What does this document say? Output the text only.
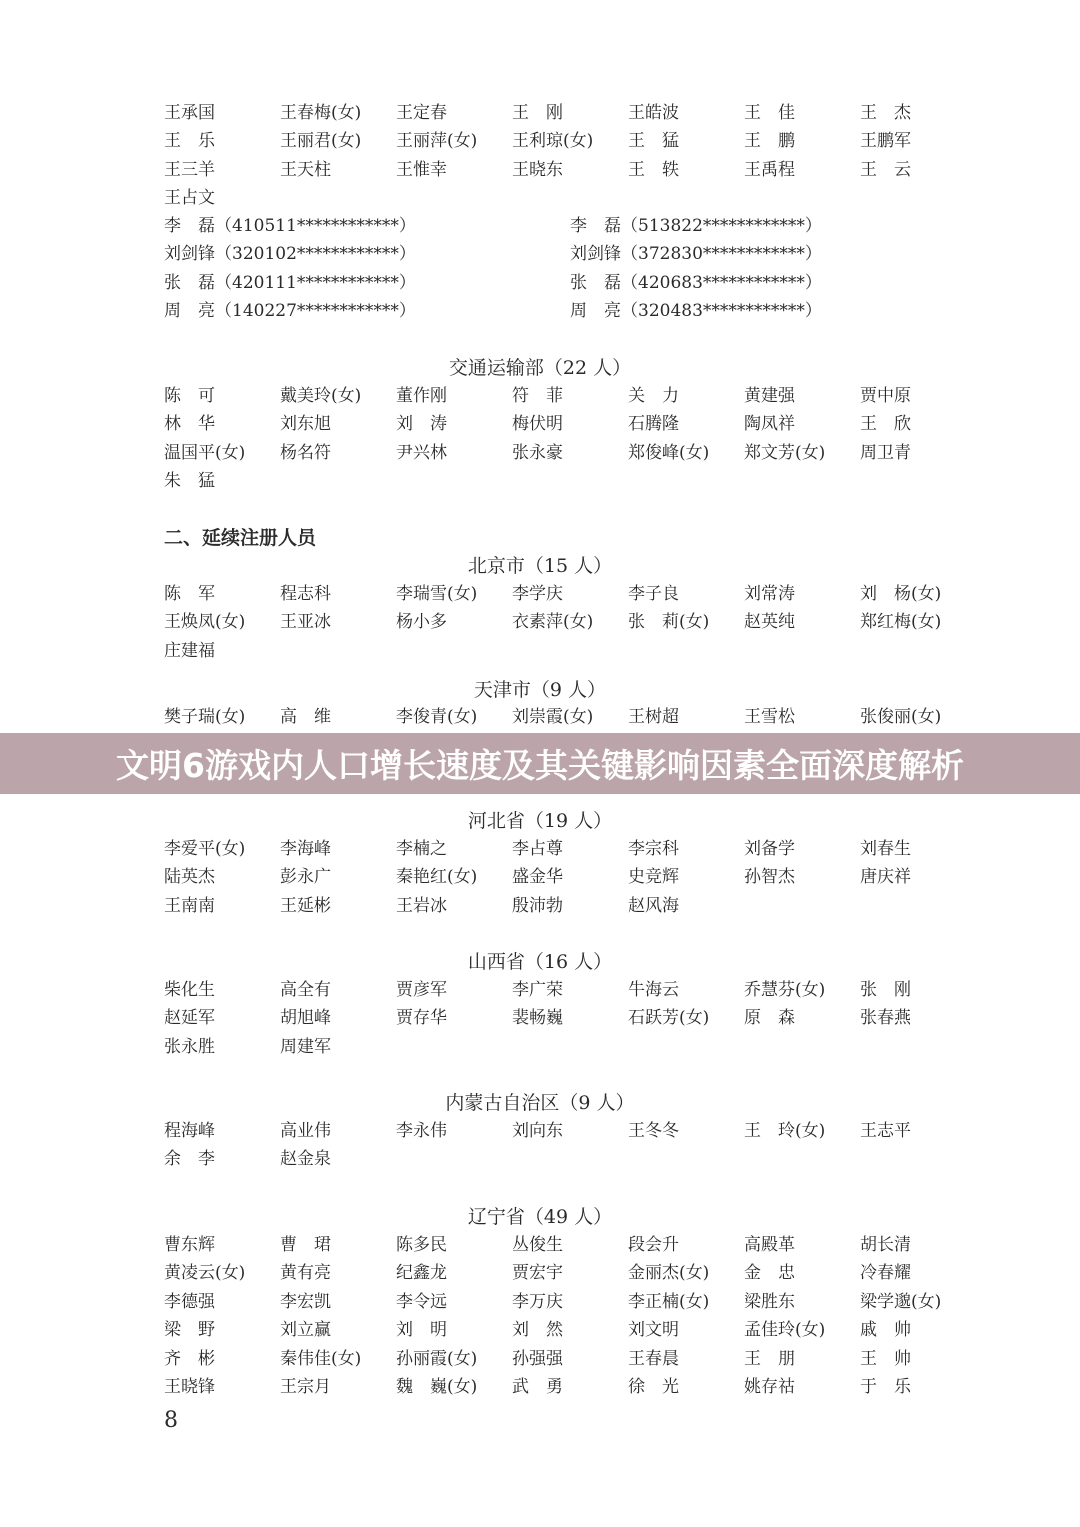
王承国	王春梅(女)	王定春	王　刚	王皓波	王　佳	王　杰
王　乐	王丽君(女)	王丽萍(女)	王利琼(女)	王　猛	王　鹏	王鹏军
王三羊	王天柱	王惟幸	王晓东	王　轶	王禹程	王　云
王占文
李　磊（410511************）	李　磊（513822************）
刘剑锋（320102************）	刘剑锋（372830************）
张　磊（420111************）	张　磊（420683************）
周　亮（140227************）	周　亮（320483************）
二、延续注册人员
8
交通运输部（22 人）
陈　可	戴美玲(女)	董作刚	符　菲	关　力	黄建强	贾中原
林　华	刘东旭	刘　涛	梅伏明	石腾隆	陶凤祥	王　欣
温国平(女)	杨名符	尹兴林	张永豪	郑俊峰(女)	郑文芳(女)	周卫青
朱　猛
北京市（15 人）
陈　军	程志科	李瑞雪(女)	李学庆	李子良	刘常涛	刘　杨(女)
王焕凤(女)	王亚冰	杨小多	衣素萍(女)	张　莉(女)	赵英纯	郑红梅(女)
庄建福
天津市（9 人）
樊子瑞(女)	高　维	李俊青(女)	刘崇霞(女)	王树超	王雪松	张俊丽(女)
河北省（19 人）
李爱平(女)	李海峰	李楠之	李占尊	李宗科	刘备学	刘春生
陆英杰	彭永广	秦艳红(女)	盛金华	史竞辉	孙智杰	唐庆祥
王南南	王延彬	王岩冰	殷沛勃	赵风海
山西省（16 人）
柴化生	高全有	贾彦军	李广荣	牛海云	乔慧芬(女)	张　刚
赵延军	胡旭峰	贾存华	裴畅巍	石跃芳(女)	原　森	张春燕
张永胜	周建军
内蒙古自治区（9 人）
程海峰	高业伟	李永伟	刘向东	王冬冬	王　玲(女)	王志平
余　李	赵金泉
辽宁省（49 人）
曹东辉	曹　珺	陈多民	丛俊生	段会升	高殿革	胡长清
黄凌云(女)	黄有亮	纪鑫龙	贾宏宇	金丽杰(女)	金　忠	冷春耀
李德强	李宏凯	李令远	李万庆	李正楠(女)	梁胜东	梁学邈(女)
梁　野	刘立赢	刘　明	刘　然	刘文明	孟佳玲(女)	戚　帅
齐　彬	秦伟佳(女)	孙丽霞(女)	孙强强	王春晨	王　朋	王　帅
王晓锋	王宗月	魏　巍(女)	武　勇	徐　光	姚存祜	于　乐
文明6游戏内人口增长速度及其关键影响因素全面深度解析
